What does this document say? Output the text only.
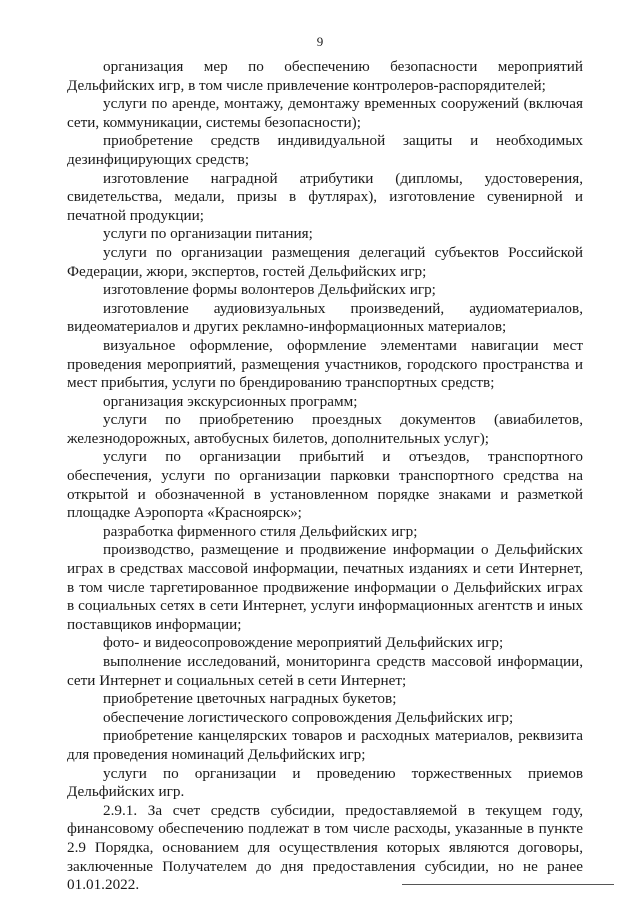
9

организация мер по обеспечению безопасности мероприятий Дельфийских игр, в том числе привлечение контролеров-распорядителей;

услуги по аренде, монтажу, демонтажу временных сооружений (включая сети, коммуникации, системы безопасности);

приобретение средств индивидуальной защиты и необходимых дезинфицирующих средств;

изготовление наградной атрибутики (дипломы, удостоверения, свидетельства, медали, призы в футлярах), изготовление сувенирной и печатной продукции;

услуги по организации питания;

услуги по организации размещения делегаций субъектов Российской Федерации, жюри, экспертов, гостей Дельфийских игр;

изготовление формы волонтеров Дельфийских игр;

изготовление аудиовизуальных произведений, аудиоматериалов, видеоматериалов и других рекламно-информационных материалов;

визуальное оформление, оформление элементами навигации мест проведения мероприятий, размещения участников, городского пространства и мест прибытия, услуги по брендированию транспортных средств;

организация экскурсионных программ;

услуги по приобретению проездных документов (авиабилетов, железнодорожных, автобусных билетов, дополнительных услуг);

услуги по организации прибытий и отъездов, транспортного обеспечения, услуги по организации парковки транспортного средства на открытой и обозначенной в установленном порядке знаками и разметкой площадке Аэропорта «Красноярск»;

разработка фирменного стиля Дельфийских игр;

производство, размещение и продвижение информации о Дельфийских играх в средствах массовой информации, печатных изданиях и сети Интернет, в том числе таргетированное продвижение информации о Дельфийских играх в социальных сетях в сети Интернет, услуги информационных агентств и иных поставщиков информации;

фото- и видеосопровождение мероприятий Дельфийских игр;

выполнение исследований, мониторинга средств массовой информации, сети Интернет и социальных сетей в сети Интернет;

приобретение цветочных наградных букетов;

обеспечение логистического сопровождения Дельфийских игр;

приобретение канцелярских товаров и расходных материалов, реквизита для проведения номинаций Дельфийских игр;

услуги по организации и проведению торжественных приемов Дельфийских игр.

2.9.1. За счет средств субсидии, предоставляемой в текущем году, финансовому обеспечению подлежат в том числе расходы, указанные в пункте 2.9 Порядка, основанием для осуществления которых являются договоры, заключенные Получателем до дня предоставления субсидии, но не ранее 01.01.2022.
